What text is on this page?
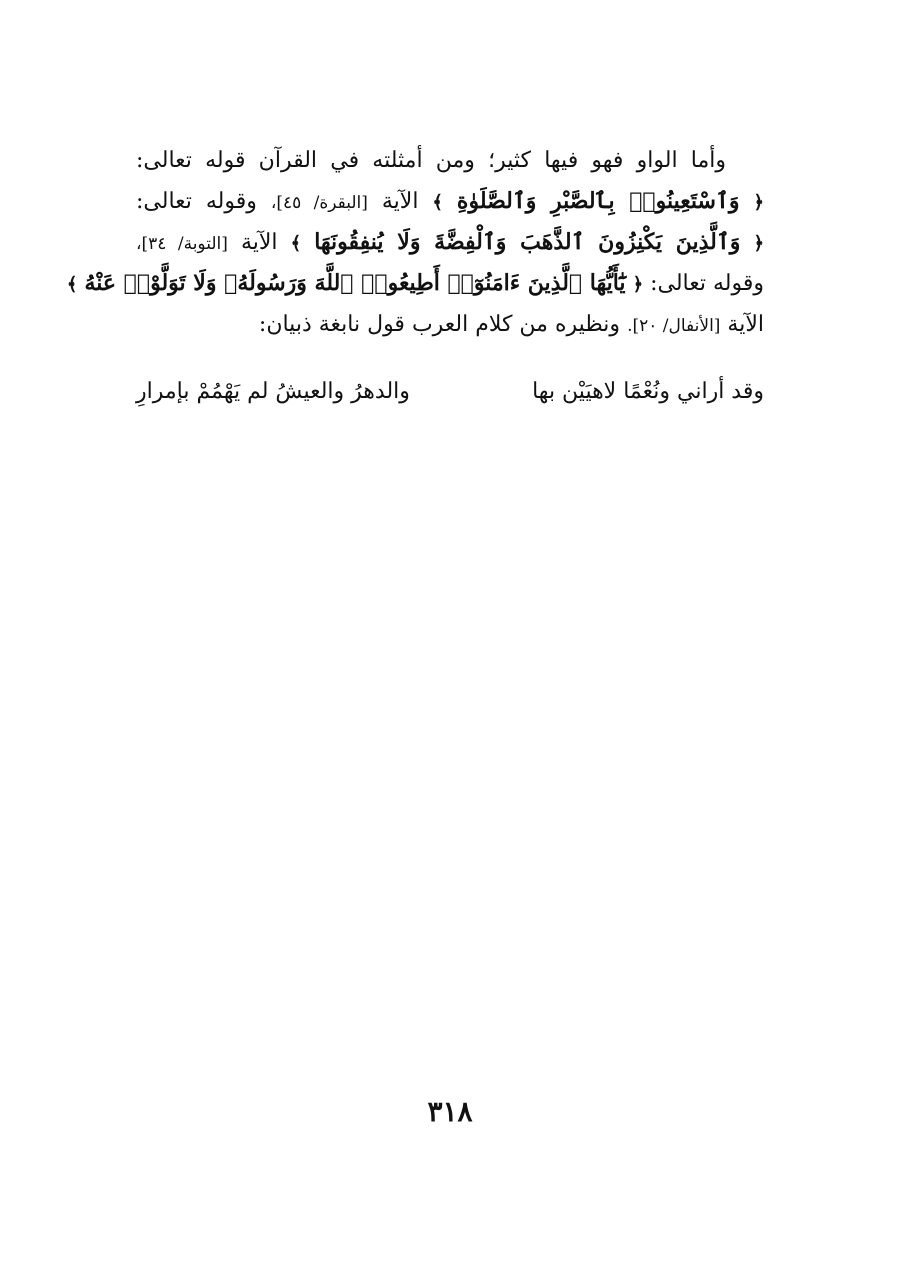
وأما الواو فهو فيها كثير؛ ومن أمثلته في القرآن قوله تعالى:
﴿ وَٱسْتَعِينُوا۟ بِٱلصَّبْرِ وَٱلصَّلَوٰةِ ﴾ الآية [البقرة/ ٤٥]، وقوله تعالى:
﴿ وَٱلَّذِينَ يَكْنِزُونَ ٱلذَّهَبَ وَٱلْفِضَّةَ وَلَا يُنفِقُونَهَا ﴾ الآية [التوبة/ ٣٤]،
وقوله تعالى: ﴿ يَٰٓأَيُّهَا ٱلَّذِينَ ءَامَنُوٓا۟ أَطِيعُوا۟ ٱللَّهَ وَرَسُولَهُۥ وَلَا تَوَلَّوْا۟ عَنْهُ ﴾
الآية [الأنفال/ ٢٠]. ونظيره من كلام العرب قول نابغة ذبيان:
وقد أراني ونُعْمًا لاهيَيْن بها
والدهرُ والعيشُ لم يَهْمُمْ بإمرارِ
٣١٨
